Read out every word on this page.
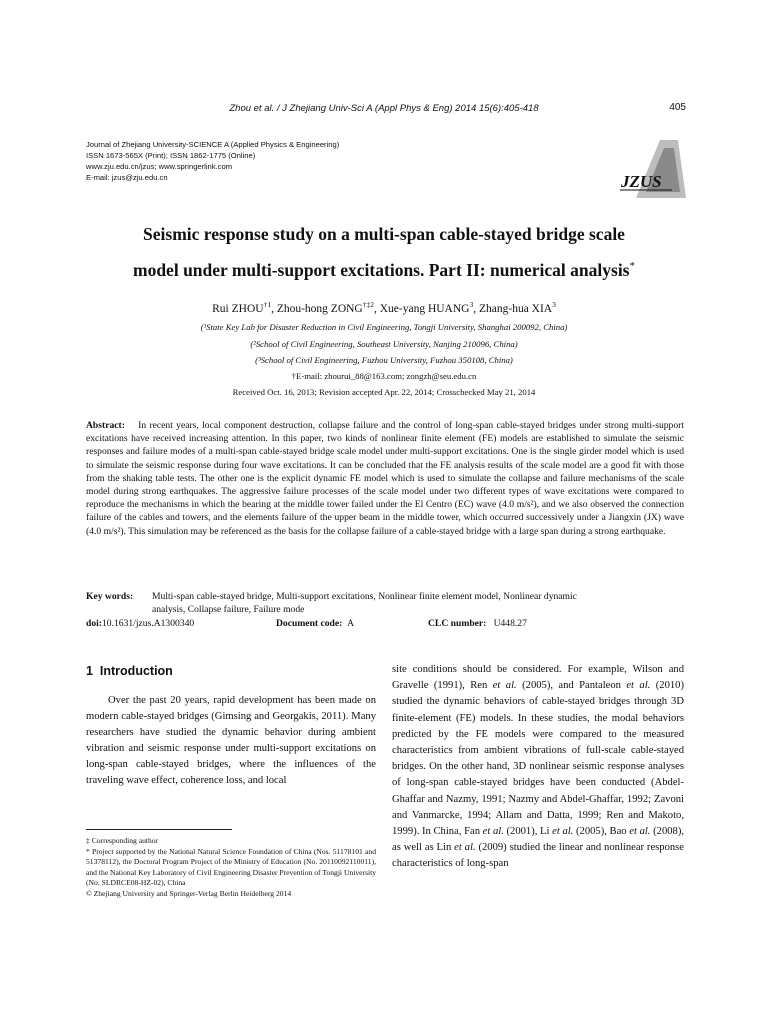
Zhou et al. / J Zhejiang Univ-Sci A (Appl Phys & Eng) 2014 15(6):405-418	405
Journal of Zhejiang University-SCIENCE A (Applied Physics & Engineering)
ISSN 1673-565X (Print); ISSN 1862-1775 (Online)
www.zju.edu.cn/jzus; www.springerlink.com
E-mail: jzus@zju.edu.cn	JZUS
Seismic response study on a multi-span cable-stayed bridge scale
model under multi-support excitations. Part II: numerical analysis*
Rui ZHOU$^{\dagger 1}$, Zhou-hong ZONG$^{\dagger\ddagger 2}$, Xue-yang HUANG$^3$, Zhang-hua XIA$^3$
(¹State Key Lab for Disaster Reduction in Civil Engineering, Tongji University, Shanghai 200092, China)
(²School of Civil Engineering, Southeast University, Nanjing 210096, China)
(³School of Civil Engineering, Fuzhou University, Fuzhou 350108, China)
†E-mail: zhourui_88@163.com; zongzh@seu.edu.cn
Received Oct. 16, 2013; Revision accepted Apr. 22, 2014; Crosschecked May 21, 2014
Abstract: In recent years, local component destruction, collapse failure and the control of long-span cable-stayed bridges under strong multi-support excitations have received increasing attention. In this paper, two kinds of nonlinear finite element (FE) models are established to simulate the seismic responses and failure modes of a multi-span cable-stayed bridge scale model under multi-support excitations. One is the single girder model which is used to simulate the seismic response during four wave excitations. It can be concluded that the FE analysis results of the scale model are a good fit with those from the shaking table tests. The other one is the explicit dynamic FE model which is used to simulate the collapse and failure mechanisms of the scale model during strong earthquakes. The aggressive failure processes of the scale model under two different types of wave excitations were compared to reproduce the mechanisms in which the bearing at the middle tower failed under the El Centro (EC) wave (4.0 m/s²), and we also observed the connection failure of the cables and towers, and the elements failure of the upper beam in the middle tower, which occurred successively under a Jiangxin (JX) wave (4.0 m/s²). This simulation may be referenced as the basis for the collapse failure of a cable-stayed bridge with a large span during a strong earthquake.
Key words: Multi-span cable-stayed bridge, Multi-support excitations, Nonlinear finite element model, Nonlinear dynamic
analysis, Collapse failure, Failure mode
doi:10.1631/jzus.A1300340	Document code: A	CLC number: U448.27
1 Introduction

Over the past 20 years, rapid development has been made on modern cable-stayed bridges (Gimsing and Georgakis, 2011). Many researchers have studied the dynamic behavior during ambient vibration and seismic response under multi-support excitations on long-span cable-stayed bridges, where the influences of the traveling wave effect, coherence loss, and local

site conditions should be considered. For example, Wilson and Gravelle (1991), Ren et al. (2005), and Pantaleon et al. (2010) studied the dynamic behaviors of cable-stayed bridges through 3D finite-element (FE) models. In these studies, the modal behaviors predicted by the FE models were compared to the measured characteristics from ambient vibrations of full-scale cable-stayed bridges. On the other hand, 3D nonlinear seismic response analyses of long-span cable-stayed bridges have been conducted (Abdel-Ghaffar and Nazmy, 1991; Nazmy and Abdel-Ghaffar, 1992; Zavoni and Vanmarcke, 1994; Allam and Datta, 1999; Ren and Makoto, 1999). In China, Fan et al. (2001), Li et al. (2005), Bao et al. (2008), as well as Lin et al. (2009) studied the linear and nonlinear response characteristics of long-span

‡ Corresponding author

* Project supported by the National Natural Science Foundation of China (Nos. 51178101 and 51378112), the Doctoral Program Project of the Ministry of Education (No. 20110092110011), and the National Key Laboratory of Civil Engineering Disaster Prevention of Tongji University (No. SLDRCE08-HZ-02), China

© Zhejiang University and Springer-Verlag Berlin Heidelberg 2014
